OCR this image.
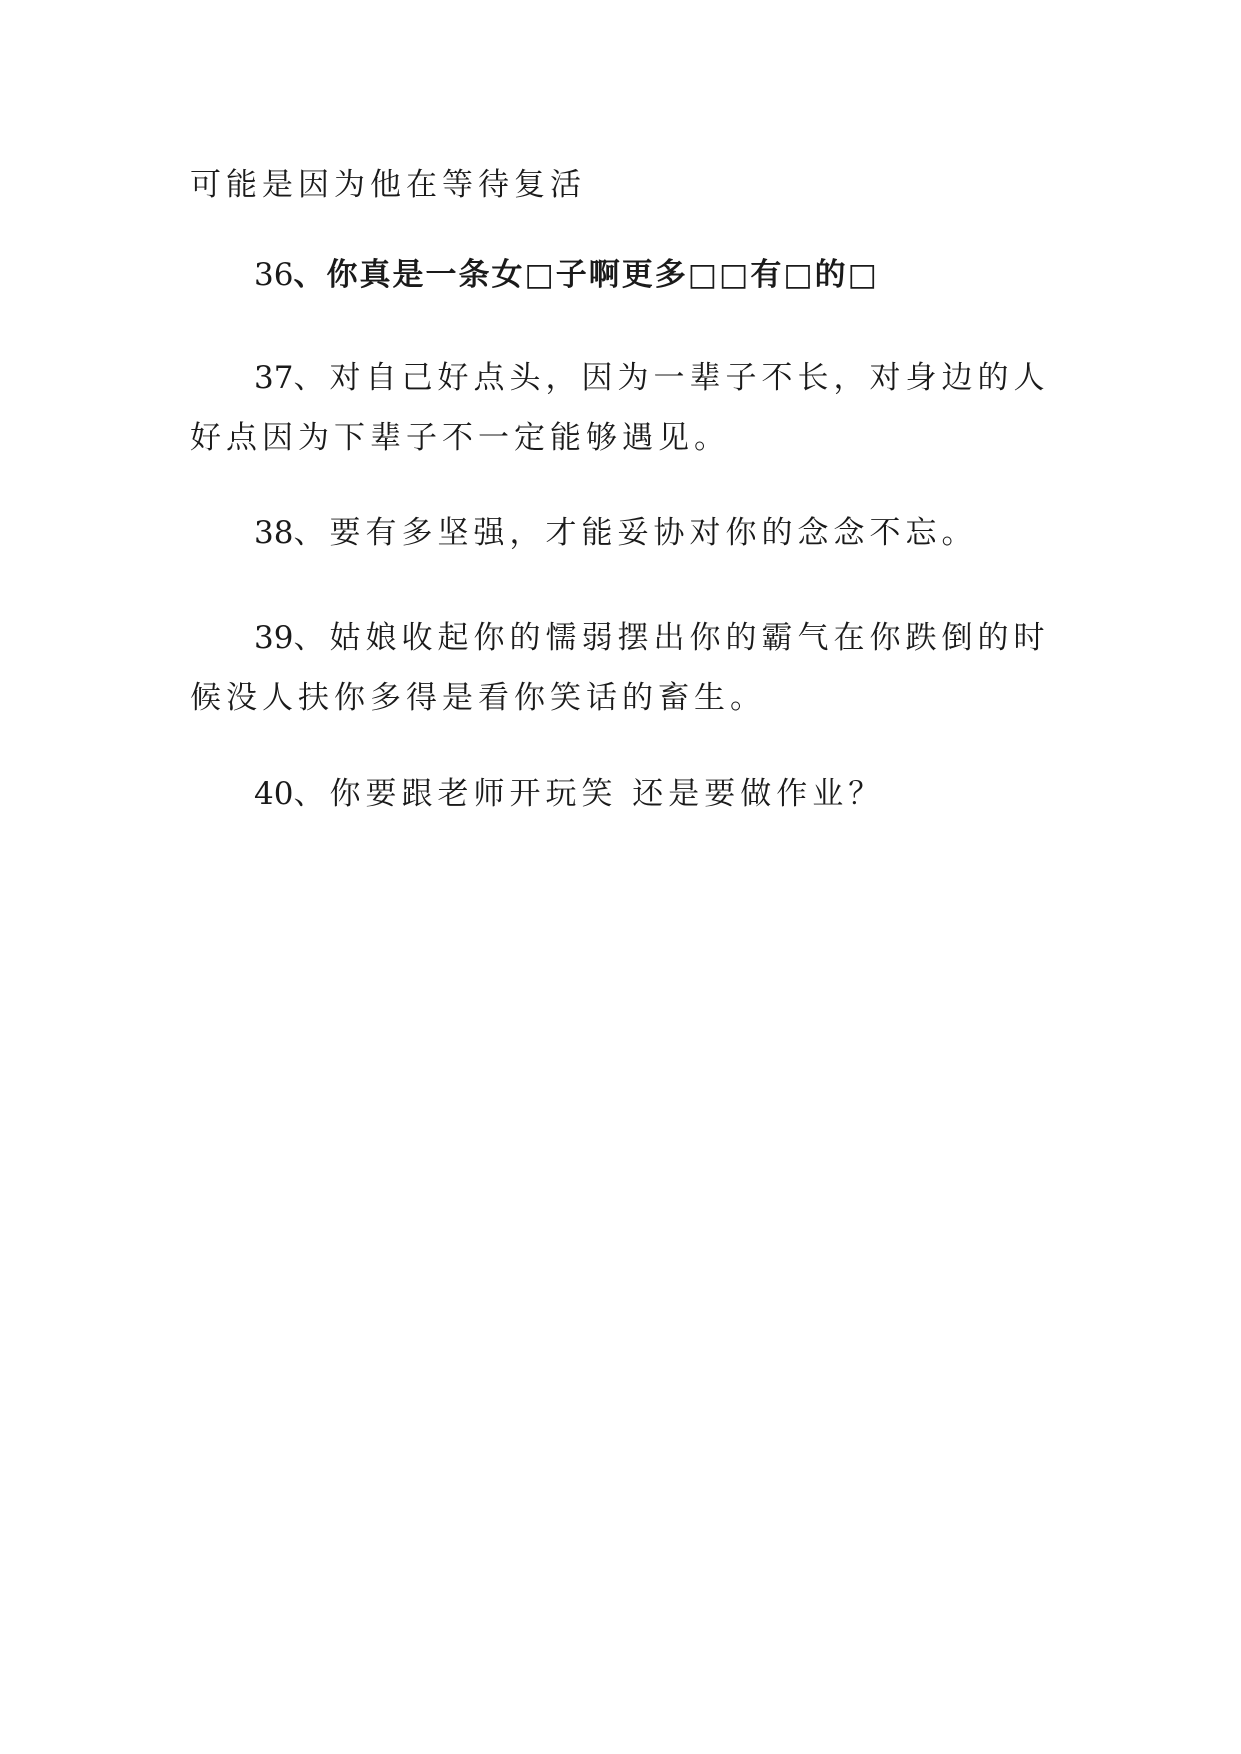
可能是因为他在等待复活

36、你真是一条女□子啊更多□□有□的□

37、对自己好点头，因为一辈子不长，对身边的人好点因为下辈子不一定能够遇见。

38、要有多坚强，才能妥协对你的念念不忘。

39、姑娘收起你的懦弱摆出你的霸气在你跌倒的时候没人扶你多得是看你笑话的畜生。

40、你要跟老师开玩笑 还是要做作业？
